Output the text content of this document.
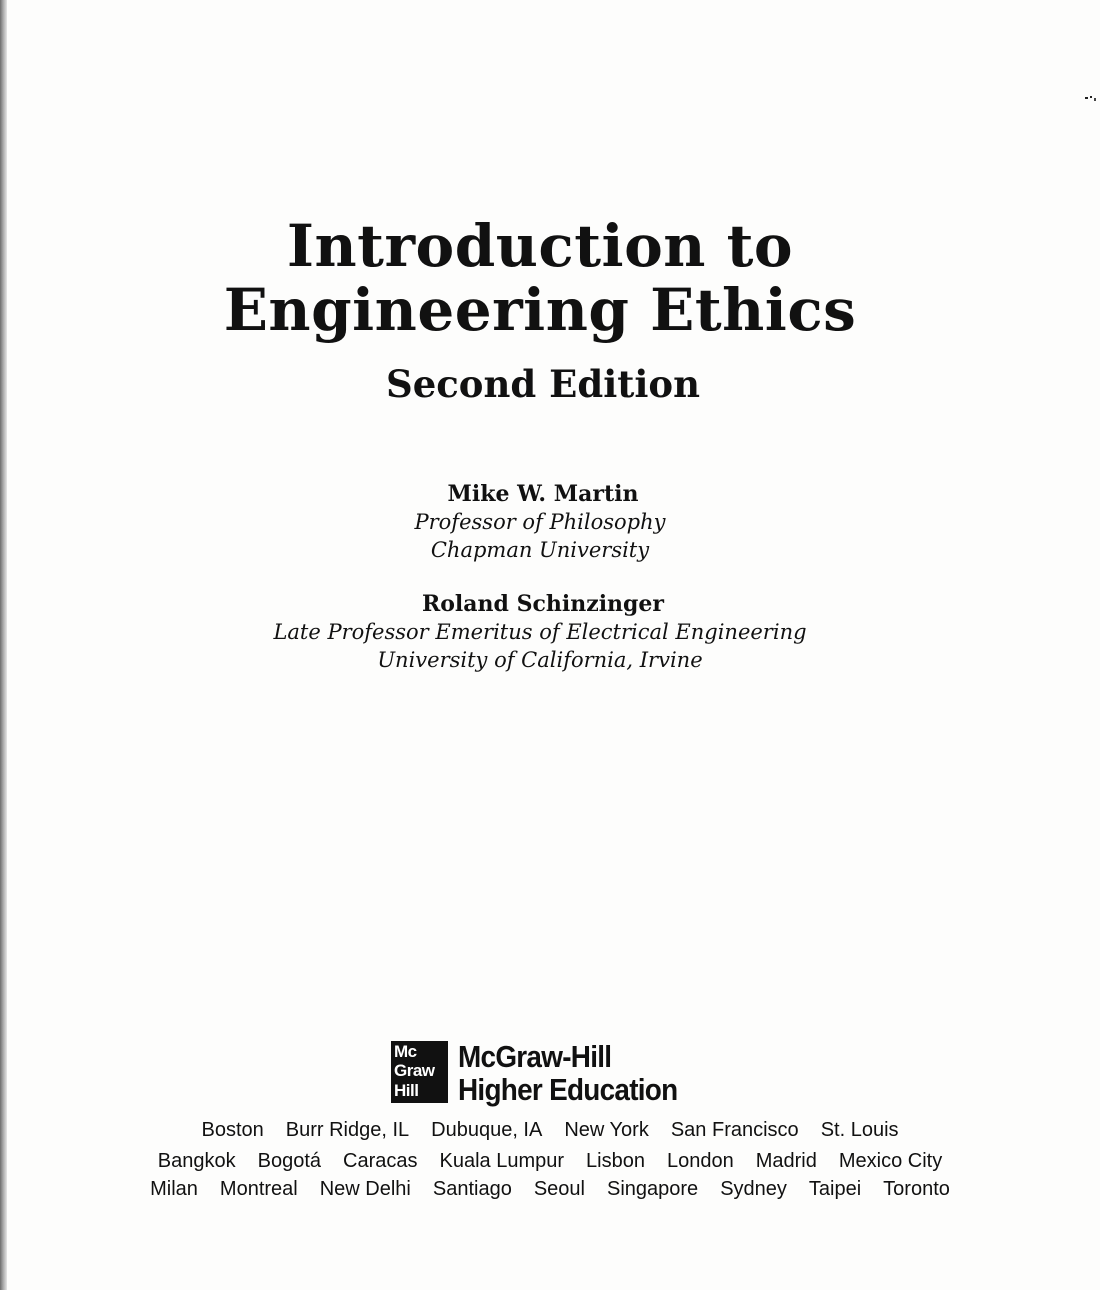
Introduction to
Engineering Ethics
Second Edition
Mike W. Martin
Professor of Philosophy
Chapman University
Roland Schinzinger
Late Professor Emeritus of Electrical Engineering
University of California, Irvine
Mc
Graw
Hill
McGraw-Hill
Higher Education
Boston Burr Ridge, IL Dubuque, IA New York San Francisco St. Louis
Bangkok Bogotá Caracas Kuala Lumpur Lisbon London Madrid Mexico City
Milan Montreal New Delhi Santiago Seoul Singapore Sydney Taipei Toronto
